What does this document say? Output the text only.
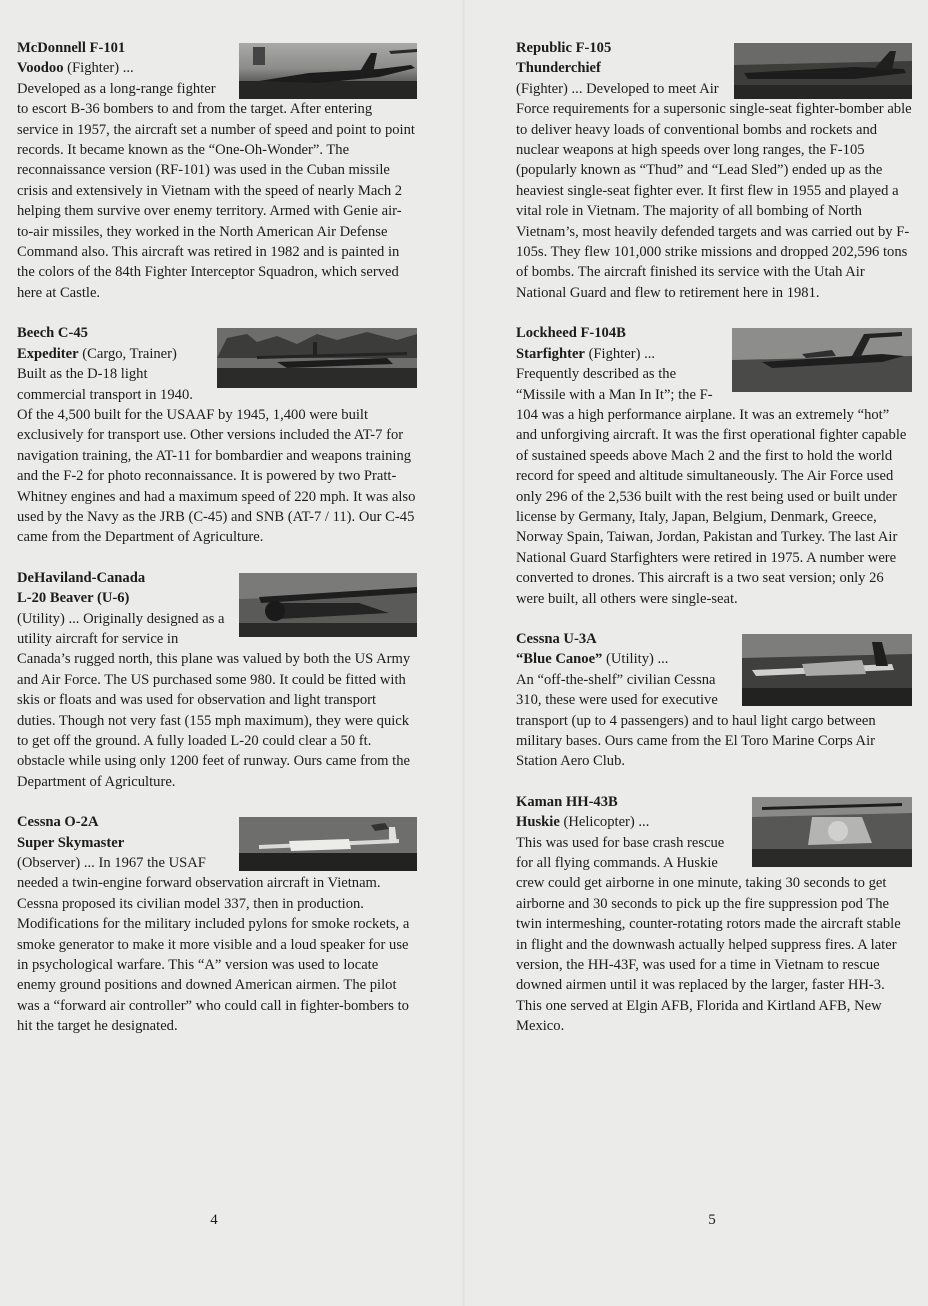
McDonnell F-101
Voodoo (Fighter) ...
Developed as a long-range fighter to escort B-36 bombers to and from the target. After entering service in 1957, the aircraft set a number of speed and point to point records. It became known as the “One-Oh-Wonder”. The reconnaissance version (RF-101) was used in the Cuban missile crisis and extensively in Vietnam with the speed of nearly Mach 2 helping them survive over enemy territory. Armed with Genie air-to-air missiles, they worked in the North American Air Defense Command also. This aircraft was retired in 1982 and is painted in the colors of the 84th Fighter Interceptor Squadron, which served here at Castle.
Beech C-45
Expediter (Cargo, Trainer)
Built as the D-18 light commercial transport in 1940. Of the 4,500 built for the USAAF by 1945, 1,400 were built exclusively for transport use. Other versions included the AT-7 for navigation training, the AT-11 for bombardier and weapons training and the F-2 for photo reconnaissance. It is powered by two Pratt-Whitney engines and had a maximum speed of 220 mph. It was also used by the Navy as the JRB (C-45) and SNB (AT-7 / 11). Our C-45 came from the Department of Agriculture.
DeHaviland-Canada
L-20 Beaver (U-6)
(Utility) ... Originally designed as a utility aircraft for service in Canada’s rugged north, this plane was valued by both the US Army and Air Force. The US purchased some 980. It could be fitted with skis or floats and was used for observation and light transport duties. Though not very fast (155 mph maximum), they were quick to get off the ground. A fully loaded L-20 could clear a 50 ft. obstacle while using only 1200 feet of runway. Ours came from the Department of Agriculture.
Cessna O-2A
Super Skymaster
(Observer) ... In 1967 the USAF needed a twin-engine forward observation aircraft in Vietnam. Cessna proposed its civilian model 337, then in production. Modifications for the military included pylons for smoke rockets, a smoke generator to make it more visible and a loud speaker for use in psychological warfare. This “A” version was used to locate enemy ground positions and downed American airmen. The pilot was a “forward air controller” who could call in fighter-bombers to hit the target he designated.
4
Republic F-105
Thunderchief
(Fighter) ... Developed to meet Air Force requirements for a supersonic single-seat fighter-bomber able to deliver heavy loads of conventional bombs and rockets and nuclear weapons at high speeds over long ranges, the F-105 (popularly known as “Thud” and “Lead Sled”) ended up as the heaviest single-seat fighter ever. It first flew in 1955 and played a vital role in Vietnam. The majority of all bombing of North Vietnam’s, most heavily defended targets and was carried out by F-105s. They flew 101,000 strike missions and dropped 202,596 tons of bombs. The aircraft finished its service with the Utah Air National Guard and flew to retirement here in 1981.
Lockheed F-104B
Starfighter (Fighter) ...
Frequently described as the “Missile with a Man In It”; the F-104 was a high performance airplane. It was an extremely “hot” and unforgiving aircraft. It was the first operational fighter capable of sustained speeds above Mach 2 and the first to hold the world record for speed and altitude simultaneously. The Air Force used only 296 of the 2,536 built with the rest being used or built under license by Germany, Italy, Japan, Belgium, Denmark, Greece, Norway Spain, Taiwan, Jordan, Pakistan and Turkey. The last Air National Guard Starfighters were retired in 1975. A number were converted to drones. This aircraft is a two seat version; only 26 were built, all others were single-seat.
Cessna U-3A
“Blue Canoe” (Utility) ...
An “off-the-shelf” civilian Cessna 310, these were used for executive transport (up to 4 passengers) and to haul light cargo between military bases. Ours came from the El Toro Marine Corps Air Station Aero Club.
Kaman HH-43B
Huskie (Helicopter) ...
This was used for base crash rescue for all flying commands. A Huskie crew could get airborne in one minute, taking 30 seconds to get airborne and 30 seconds to pick up the fire suppression pod The twin intermeshing, counter-rotating rotors made the aircraft stable in flight and the downwash actually helped suppress fires. A later version, the HH-43F, was used for a time in Vietnam to rescue downed airmen until it was replaced by the larger, faster HH-3. This one served at Elgin AFB, Florida and Kirtland AFB, New Mexico.
5
